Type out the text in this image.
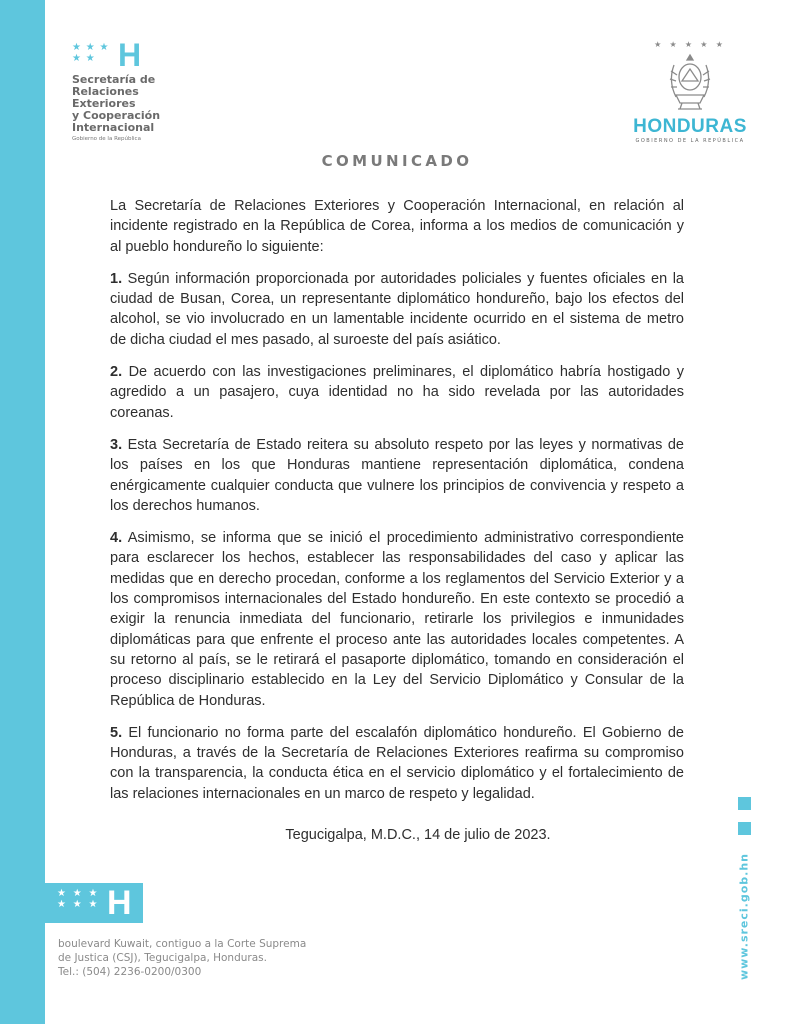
★ ★ ★
★ ★ H
Secretaría de
Relaciones
Exteriores
y Cooperación
Internacional
Gobierno de la República
★ ★ ★ ★ ★
HONDURAS
GOBIERNO DE LA REPÚBLICA
COMUNICADO

La Secretaría de Relaciones Exteriores y Cooperación Internacional, en relación al incidente registrado en la República de Corea, informa a los medios de comunicación y al pueblo hondureño lo siguiente:

1. Según información proporcionada por autoridades policiales y fuentes oficiales en la ciudad de Busan, Corea, un representante diplomático hondureño, bajo los efectos del alcohol, se vio involucrado en un lamentable incidente ocurrido en el sistema de metro de dicha ciudad el mes pasado, al suroeste del país asiático.

2. De acuerdo con las investigaciones preliminares, el diplomático habría hostigado y agredido a un pasajero, cuya identidad no ha sido revelada por las autoridades coreanas.

3. Esta Secretaría de Estado reitera su absoluto respeto por las leyes y normativas de los países en los que Honduras mantiene representación diplomática, condena enérgicamente cualquier conducta que vulnere los principios de convivencia y respeto a los derechos humanos.

4. Asimismo, se informa que se inició el procedimiento administrativo correspondiente para esclarecer los hechos, establecer las responsabilidades del caso y aplicar las medidas que en derecho procedan, conforme a los reglamentos del Servicio Exterior y a los compromisos internacionales del Estado hondureño. En este contexto se procedió a exigir la renuncia inmediata del funcionario, retirarle los privilegios e inmunidades diplomáticas para que enfrente el proceso ante las autoridades locales competentes. A su retorno al país, se le retirará el pasaporte diplomático, tomando en consideración el proceso disciplinario establecido en la Ley del Servicio Diplomático y Consular de la República de Honduras.

5. El funcionario no forma parte del escalafón diplomático hondureño. El Gobierno de Honduras, a través de la Secretaría de Relaciones Exteriores reafirma su compromiso con la transparencia, la conducta ética en el servicio diplomático y el fortalecimiento de las relaciones internacionales en un marco de respeto y legalidad.

Tegucigalpa, M.D.C., 14 de julio de 2023.
www.sreci.gob.hn
★ ★ ★
★ ★ ★ H
boulevard Kuwait, contiguo a la Corte Suprema
de Justica (CSJ), Tegucigalpa, Honduras.
Tel.: (504) 2236-0200/0300
